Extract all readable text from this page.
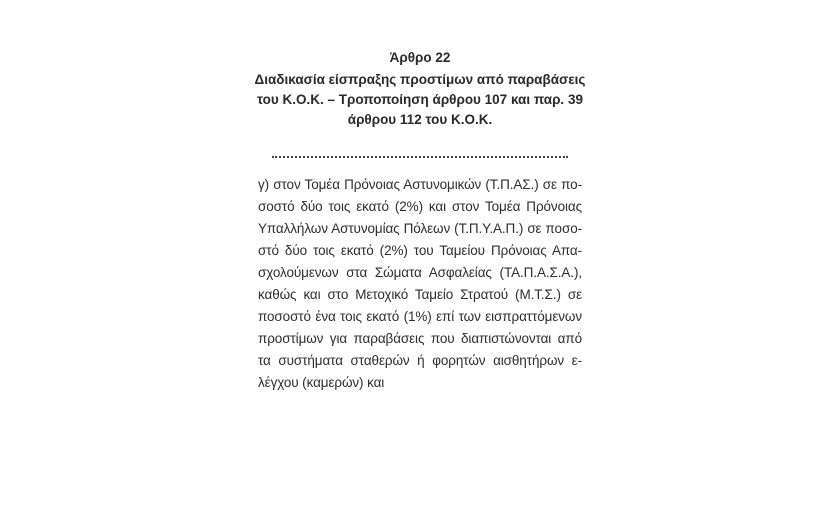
Άρθρο 22
Διαδικασία είσπραξης προστίμων από παραβάσεις
του Κ.Ο.Κ. – Τροποποίηση άρθρου 107 και παρ. 39
άρθρου 112 του Κ.Ο.Κ.
γ) στον Τομέα Πρόνοιας Αστυνομικών (Τ.Π.ΑΣ.) σε πο-
σοστό δύο τοις εκατό (2%) και στον Τομέα Πρόνοιας
Υπαλλήλων Αστυνομίας Πόλεων (Τ.Π.Υ.Α.Π.) σε ποσο-
στό δύο τοις εκατό (2%) του Ταμείου Πρόνοιας Απα-
σχολούμενων στα Σώματα Ασφαλείας (ΤΑ.Π.Α.Σ.Α.),
καθώς και στο Μετοχικό Ταμείο Στρατού (Μ.Τ.Σ.) σε
ποσοστό ένα τοις εκατό (1%) επί των εισπραττόμενων
προστίμων για παραβάσεις που διαπιστώνονται από
τα συστήματα σταθερών ή φορητών αισθητήρων ε-
λέγχου (καμερών) και
